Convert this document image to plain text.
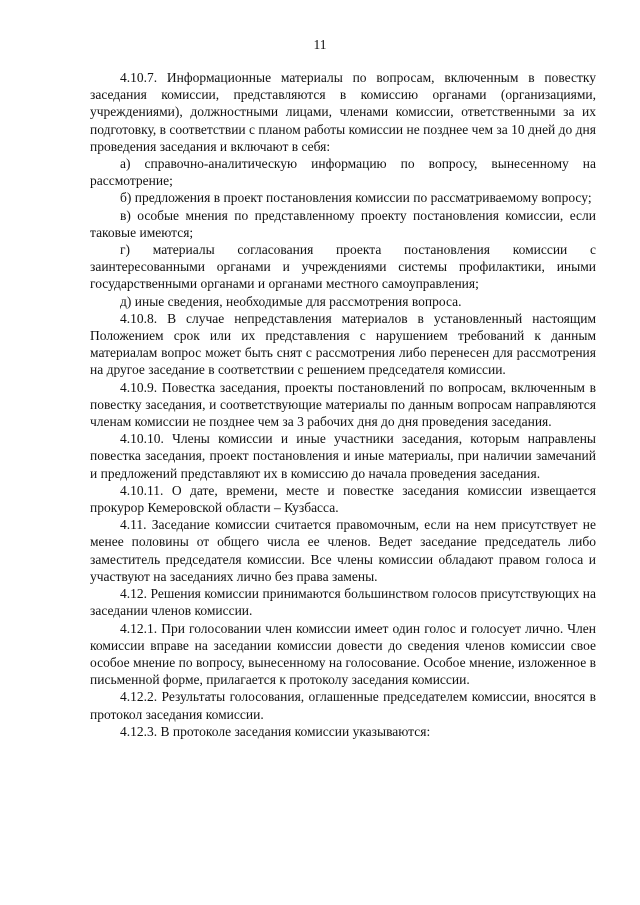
11

4.10.7. Информационные материалы по вопросам, включенным в повестку заседания комиссии, представляются в комиссию органами (организациями, учреждениями), должностными лицами, членами комиссии, ответственными за их подготовку, в соответствии с планом работы комиссии не позднее чем за 10 дней до дня проведения заседания и включают в себя:

а) справочно-аналитическую информацию по вопросу, вынесенному на рассмотрение;

б) предложения в проект постановления комиссии по рассматриваемому вопросу;

в) особые мнения по представленному проекту постановления комиссии, если таковые имеются;

г) материалы согласования проекта постановления комиссии с заинтересованными органами и учреждениями системы профилактики, иными государственными органами и органами местного самоуправления;

д) иные сведения, необходимые для рассмотрения вопроса.

4.10.8. В случае непредставления материалов в установленный настоящим Положением срок или их представления с нарушением требований к данным материалам вопрос может быть снят с рассмотрения либо перенесен для рассмотрения на другое заседание в соответствии с решением председателя комиссии.

4.10.9. Повестка заседания, проекты постановлений по вопросам, включенным в повестку заседания, и соответствующие материалы по данным вопросам направляются членам комиссии не позднее чем за 3 рабочих дня до дня проведения заседания.

4.10.10. Члены комиссии и иные участники заседания, которым направлены повестка заседания, проект постановления и иные материалы, при наличии замечаний и предложений представляют их в комиссию до начала проведения заседания.

4.10.11. О дате, времени, месте и повестке заседания комиссии извещается прокурор Кемеровской области – Кузбасса.

4.11. Заседание комиссии считается правомочным, если на нем присутствует не менее половины от общего числа ее членов. Ведет заседание председатель либо заместитель председателя комиссии. Все члены комиссии обладают правом голоса и участвуют на заседаниях лично без права замены.

4.12. Решения комиссии принимаются большинством голосов присутствующих на заседании членов комиссии.

4.12.1. При голосовании член комиссии имеет один голос и голосует лично. Член комиссии вправе на заседании комиссии довести до сведения членов комиссии свое особое мнение по вопросу, вынесенному на голосование. Особое мнение, изложенное в письменной форме, прилагается к протоколу заседания комиссии.

4.12.2. Результаты голосования, оглашенные председателем комиссии, вносятся в протокол заседания комиссии.

4.12.3. В протоколе заседания комиссии указываются:
